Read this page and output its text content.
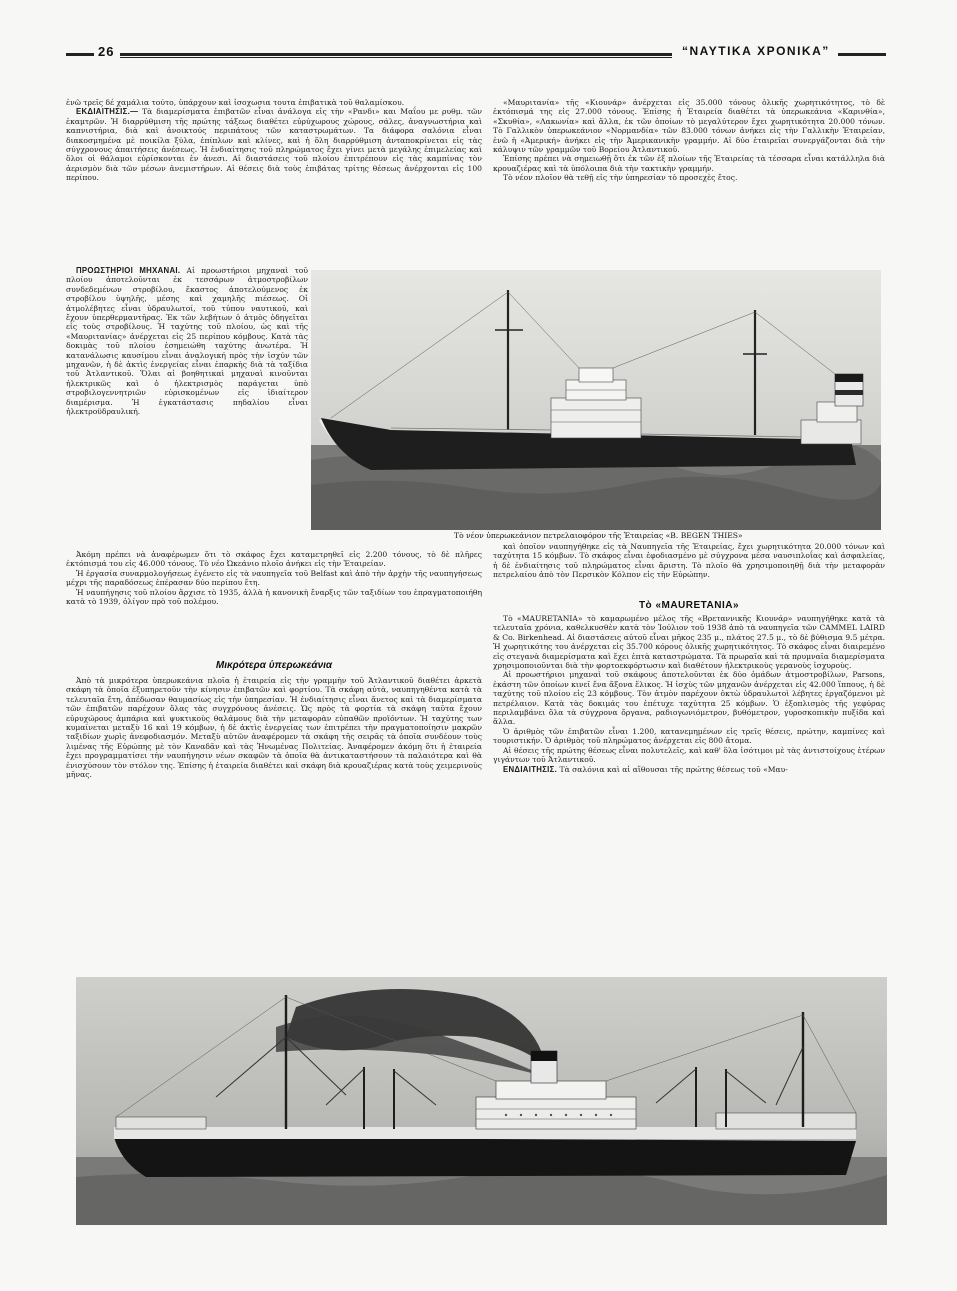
26	“ΝΑΥΤΙΚΑ ΧΡΟΝΙΚΑ”

ἐνῶ τρεῖς δέ χαμάλια τούτο, ὑπάρχουν καὶ ἰσοχωσια τουτα ἐπιβατικὰ τοῦ θαλαμίσκου.

ΕΚΔΙΑΙΤΗΣΙΣ.— Τὰ διαμερίσματα ἐπιβατῶν εἶναι ἀνάλογα εἰς τὴν «Ρανδι» και Μαΐου με ρυθμ. τῶν ἑκαμτρῶν. Ἡ διαρρύθμιση τῆς πρώτης τάξεως διαθέτει εὐρύχωρους χώρους, σάλες, ἀναγνωστήρια καὶ καπνιστήρια, διὰ καὶ ἀνοικτούς περιπάτους τῶν καταστρωμάτων. Τα διάφορα σαλόνια εἶναι διακοσμημένα μὲ ποικίλα ξύλα, ἐπίπλων καὶ κλίνες, καὶ ἡ ὅλη διαρρύθμιση ἀνταποκρίνεται εἰς τὰς σύγχρονους ἀπαιτήσεις ἀνέσεως. Ἡ ἐνδιαίτησις τοῦ πληρώματος ἔχει γίνει μετὰ μεγάλης ἐπιμελείας καὶ ὅλοι οἱ θάλαμοι εὑρίσκονται ἐν ἀνεσι. Αἱ διαστάσεις τοῦ πλοίου ἐπιτρέπουν εἰς τὰς καμπίνας τὸν ἀερισμὸν διὰ τῶν μέσων ἀνεμιστήρων. Αἱ θέσεις διὰ τοὺς ἐπιβάτας τρίτης θέσεως ἀνέρχονται εἰς 100 περίπου.

ΠΡΟΩΣΤΗΡΙΟΙ ΜΗΧΑΝΑΙ. Αἱ προωστήριοι μηχαναὶ τοῦ πλοίου ἀποτελοῦνται ἐκ τεσσάρων ἀτμοστροβίλων συνδεδεμένων στροβίλου, ἕκαστος ἀποτελούμενος ἐκ στροβίλου ὑψηλῆς, μέσης καὶ χαμηλῆς πιέσεως. Οἱ ἀτμολέβητες εἶναι ὑδραυλωτοί, τοῦ τύπου ναυτικοῦ, καὶ ἔχουν ὑπερθερμαντῆρας. Ἐκ τῶν λεβήτων ὁ ἀτμὸς ὁδηγεῖται εἰς τοὺς στροβίλους. Ἡ ταχύτης τοῦ πλοίου, ὡς καὶ τῆς «Μαυριτανίας» ἀνέρχεται εἰς 25 περίπου κόμβους. Κατὰ τὰς δοκιμὰς τοῦ πλοίου ἐσημειώθη ταχύτης ἀνωτέρα. Ἡ κατανάλωσις καυσίμου εἶναι ἀναλογική πρὸς τὴν ἰσχύν τῶν μηχανῶν, ἡ δὲ ἀκτὶς ἐνεργείας εἶναι ἐπαρκὴς διὰ τὰ ταξίδια τοῦ Ἀτλαντικοῦ. Ὅλαι αἱ βοηθητικαὶ μηχαναὶ κινοῦνται ἠλεκτρικῶς καὶ ὁ ἠλεκτρισμὸς παράγεται ὑπὸ στροβιλογεννητριῶν εὑρισκομένων εἰς ἰδιαίτερον διαμέρισμα. Ἡ ἐγκατάστασις πηδαλίου εἶναι ἠλεκτροϋδραυλική.

Τὸ νέον ὑπερωκεάνιον πετρελαιοφόρον τῆς Ἑταιρείας «Β. ΒΕGEN ΤΗΙΕS»

Ἀκόμη πρέπει νὰ ἀναφέρωμεν ὅτι τὸ σκάφος ἔχει καταμετρηθεῖ εἰς 2.200 τόνους, τὸ δὲ πλῆρες ἐκτόπισμά του εἰς 46.000 τόνους. Τὸ νέο Ὠκεάνιο πλοῖο ἀνήκει εἰς τὴν Ἑταιρείαν.

Ἡ ἐργασία συναρμολογήσεως ἐγένετο εἰς τὰ ναυπηγεῖα τοῦ Belfast καὶ ἀπὸ τὴν ἀρχὴν τῆς ναυπηγήσεως μέχρι τῆς παραδόσεως ἐπέρασαν δύο περίπου ἔτη.

Ἡ ναυπήγησις τοῦ πλοίου ἄρχισε τὸ 1935, ἀλλὰ ἡ κανονικὴ ἔναρξις τῶν ταξιδίων του ἐπραγματοποιήθη κατὰ τὸ 1939, ὀλίγον πρὸ τοῦ πολέμου.

Μικρότερα ὑπερωκεάνια

Ἀπὸ τὰ μικρότερα ὑπερωκεάνια πλοῖα ἡ ἑταιρεία εἰς τὴν γραμμὴν τοῦ Ἀτλαντικοῦ διαθέτει ἀρκετὰ σκάφη τὰ ὁποῖα ἐξυπηρετοῦν τὴν κίνησιν ἐπιβατῶν καὶ φορτίου. Τὰ σκάφη αὐτὰ, ναυπηγηθέντα κατὰ τὰ τελευταῖα ἔτη, ἀπέδωσαν θαυμασίως εἰς τὴν ὑπηρεσίαν. Ἡ ἐνδιαίτησις εἶναι ἄνετος καὶ τὰ διαμερίσματα τῶν ἐπιβατῶν παρέχουν ὅλας τὰς συγχρόνους ἀνέσεις. Ὡς πρὸς τὰ φορτία τὰ σκάφη ταῦτα ἔχουν εὐρυχώρους ἀμπάρια καὶ ψυκτικοὺς θαλάμους διὰ τὴν μεταφορὰν εὐπαθῶν προϊόντων. Ἡ ταχύτης των κυμαίνεται μεταξὺ 16 καὶ 19 κόμβων, ἡ δὲ ἀκτὶς ἐνεργείας των ἐπιτρέπει τὴν πραγματοποίησιν μακρῶν ταξιδίων χωρὶς ἀνεφοδιασμόν. Μεταξὺ αὐτῶν ἀναφέρομεν τὰ σκάφη τῆς σειρᾶς τὰ ὁποῖα συνδέουν τοὺς λιμένας τῆς Εὐρώπης μὲ τὸν Καναδᾶν καὶ τὰς Ἡνωμένας Πολιτείας. Ἀναφέρομεν ἀκόμη ὅτι ἡ ἑταιρεία ἔχει προγραμματίσει τὴν ναυπήγησιν νέων σκαφῶν τὰ ὁποῖα θὰ ἀντικαταστήσουν τὰ παλαιότερα καὶ θὰ ἐνισχύσουν τὸν στόλον της. Ἐπίσης ἡ ἐταιρεία διαθέτει καὶ σκάφη διὰ κρουαζιέρας κατὰ τοὺς χειμερινοὺς μῆνας.

«Μαυριτανία» τῆς «Κιουνάρ» ἀνέρχεται εἰς 35.000 τόνους ὁλικῆς χωρητικότητος, τὸ δὲ ἐκτόπισμά της εἰς 27.000 τόνους. Ἐπίσης ἡ Ἑταιρεία διαθέτει τὰ ὑπερωκεάνια «Καρινθία», «Σκυθία», «Λακωνία» καὶ ἄλλα, ἐκ τῶν ὁποίων τὸ μεγαλύτερον ἔχει χωρητικότητα 20.000 τόνων. Τὸ Γαλλικὸν ὑπερωκεάνιον «Νορμανδία» τῶν 83.000 τόνων ἀνήκει εἰς τὴν Γαλλικὴν Ἑταιρείαν, ἐνῶ ἡ «Ἀμερική» ἀνήκει εἰς τὴν Ἀμερικανικὴν γραμμήν. Αἱ δύο ἑταιρεῖαι συνεργάζονται διὰ τὴν κάλυψιν τῶν γραμμῶν τοῦ Βορείου Ἀτλαντικοῦ.

Ἐπίσης πρέπει νὰ σημειωθῇ ὅτι ἐκ τῶν ἐξ πλοίων τῆς Ἑταιρείας τὰ τέσσαρα εἶναι κατάλληλα διὰ κρουαζιέρας καὶ τὰ ὑπόλοιπα διὰ τὴν τακτικὴν γραμμήν.

Τὸ νέον πλοῖον θὰ τεθῇ εἰς τὴν ὑπηρεσίαν τὸ προσεχὲς ἔτος.

καὶ ὁποῖον ναυπηγήθηκε εἰς τὰ Ναυπηγεῖα τῆς Ἑταιρείας, ἔχει χωρητικότητα 20.000 τόνων καὶ ταχύτητα 15 κόμβων. Τὸ σκάφος εἶναι ἐφοδιασμένο μὲ σύγχρονα μέσα ναυσιπλοΐας καὶ ἀσφαλείας, ἡ δὲ ἐνδιαίτησις τοῦ πληρώματος εἶναι ἄριστη. Τὸ πλοῖο θὰ χρησιμοποιηθῇ διὰ τὴν μεταφορὰν πετρελαίου ἀπὸ τὸν Περσικὸν Κόλπον εἰς τὴν Εὐρώπην.

Τὸ «MAURETANIA»

Τὸ «MAURETANIA» τὸ καμαρωμένο μέλος τῆς «Βρεταννικῆς Κιουνάρ» ναυπηγήθηκε κατὰ τὰ τελευταῖα χρόνια, καθελκυσθὲν κατὰ τὸν Ἰούλιον τοῦ 1938 ἀπὸ τὰ ναυπηγεῖα τῶν CAMMEL LAIRD & Co. Birkenhead. Αἱ διαστάσεις αὐτοῦ εἶναι μῆκος 235 μ., πλάτος 27.5 μ., τὸ δὲ βύθισμα 9.5 μέτρα. Ἡ χωρητικότης του ἀνέρχεται εἰς 35.700 κόρους ὁλικῆς χωρητικότητος. Τὸ σκάφος εἶναι διαιρεμένο εἰς στεγανὰ διαμερίσματα καὶ ἔχει ἑπτὰ καταστρώματα. Τὰ πρωραῖα καὶ τὰ πρυμναῖα διαμερίσματα χρησιμοποιοῦνται διὰ τὴν φορτοεκφόρτωσιν καὶ διαθέτουν ἠλεκτρικοὺς γερανοὺς ἰσχυροὺς.

Αἱ προωστήριοι μηχαναὶ τοῦ σκάφους ἀποτελοῦνται ἐκ δύο ὁμάδων ἀτμοστροβίλων, Parsons, ἐκάστη τῶν ὁποίων κινεῖ ἕνα ἄξονα ἕλικος. Ἡ ἰσχὺς τῶν μηχανῶν ἀνέρχεται εἰς 42.000 ἵππους, ἡ δὲ ταχύτης τοῦ πλοίου εἰς 23 κόμβους. Τὸν ἀτμὸν παρέχουν ὀκτὼ ὑδραυλωτοὶ λέβητες ἐργαζόμενοι μὲ πετρέλαιον. Κατὰ τὰς δοκιμάς του ἐπέτυχε ταχύτητα 25 κόμβων. Ὁ ἐξοπλισμὸς τῆς γεφύρας περιλαμβάνει ὅλα τὰ σύγχρονα ὄργανα, ραδιογωνιόμετρον, βυθόμετρον, γυροσκοπικὴν πυξίδα καὶ ἄλλα.

Ὁ ἀριθμὸς τῶν ἐπιβατῶν εἶναι 1.200, κατανεμημένων εἰς τρεῖς θέσεις, πρώτην, καμπίνες καὶ τουριστικήν. Ὁ ἀριθμὸς τοῦ πληρώματος ἀνέρχεται εἰς 800 ἄτομα.

Αἱ θέσεις τῆς πρώτης θέσεως εἶναι πολυτελεῖς, καὶ καθ' ὅλα ἰσότιμοι μὲ τὰς ἀντιστοίχους ἑτέρων γιγάντων τοῦ Ἀτλαντικοῦ.

ΕΝΔΙΑΙΤΗΣΙΣ. Τὰ σαλόνια καὶ αἱ αἴθουσαι τῆς πρώτης θέσεως τοῦ «Μαυ-
